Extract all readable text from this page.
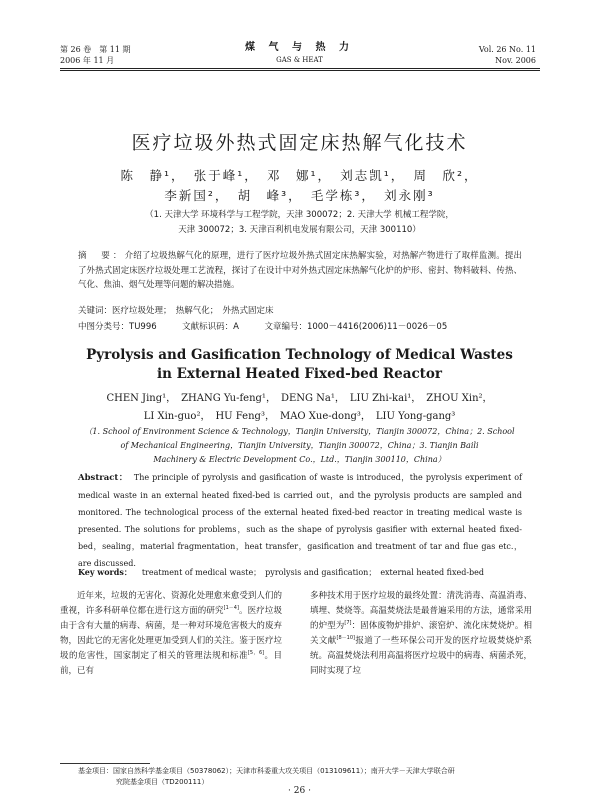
第 26 卷　第 11 期
2006 年 11 月
煤 气 与 热 力
GAS & HEAT
Vol. 26 No. 11
Nov. 2006
医疗垃圾外热式固定床热解气化技术
陈　静¹，　张于峰¹，　邓　娜¹，　刘志凯¹，　周　欣²，
李新国²，　胡　峰³，　毛学栋³，　刘永刚³
（1. 天津大学 环境科学与工程学院，天津 300072；2. 天津大学 机械工程学院，
天津 300072；3. 天津百利机电发展有限公司，天津 300110）
摘　要：介绍了垃圾热解气化的原理，进行了医疗垃圾外热式固定床热解实验，对热解产物进行了取样监测。提出了外热式固定床医疗垃圾处理工艺流程，探讨了在设计中对外热式固定床热解气化炉的炉形、密封、物料破料、传热、气化、焦油、烟气处理等问题的解决措施。
关键词：医疗垃圾处理；　热解气化；　外热式固定床
中图分类号：TU996　　　文献标识码：A　　　文章编号：1000－4416(2006)11－0026－05
Pyrolysis and Gasification Technology of Medical Wastes
in External Heated Fixed-bed Reactor
CHEN Jing¹，　ZHANG Yu-feng¹，　DENG Na¹，　LIU Zhi-kai¹，　ZHOU Xin²，
LI Xin-guo²，　HU Feng³，　MAO Xue-dong³，　LIU Yong-gang³
（1. School of Environment Science & Technology，Tianjin University，Tianjin 300072，China；2. School
of Mechanical Engineering，Tianjin University，Tianjin 300072，China；3. Tianjin Baili
Machinery & Electric Development Co.，Ltd.，Tianjin 300110，China）
Abstract： The principle of pyrolysis and gasification of waste is introduced，the pyrolysis experiment of medical waste in an external heated fixed-bed is carried out，and the pyrolysis products are sampled and monitored. The technological process of the external heated fixed-bed reactor in treating medical waste is presented. The solutions for problems，such as the shape of pyrolysis gasifier with external heated fixed-bed，sealing，material fragmentation，heat transfer，gasification and treatment of tar and flue gas etc.，are discussed.
Key words： treatment of medical waste；　pyrolysis and gasification；　external heated fixed-bed
近年来，垃圾的无害化、资源化处理愈来愈受到人们的重视，许多科研单位都在进行这方面的研究[1－4]。医疗垃圾由于含有大量的病毒、病菌，是一种对环境危害极大的废弃物，因此它的无害化处理更加受到人们的关注。鉴于医疗垃圾的危害性，国家制定了相关的管理法规和标准[5，6]。目前，已有
多种技术用于医疗垃圾的最终处置：清洗消毒、高温消毒、填埋、焚烧等。高温焚烧法是最普遍采用的方法，通常采用的炉型为[7]：固体废物炉排炉、滚窑炉、流化床焚烧炉。相关文献[8－10]报道了一些环保公司开发的医疗垃圾焚烧炉系统。高温焚烧法利用高温将医疗垃圾中的病毒、病菌杀死，同时实现了垃
基金项目：国家自然科学基金项目（50378062）；天津市科委重大攻关项目（013109611）；南开大学－天津大学联合研
究院基金项目（TD200111）
· 26 ·
